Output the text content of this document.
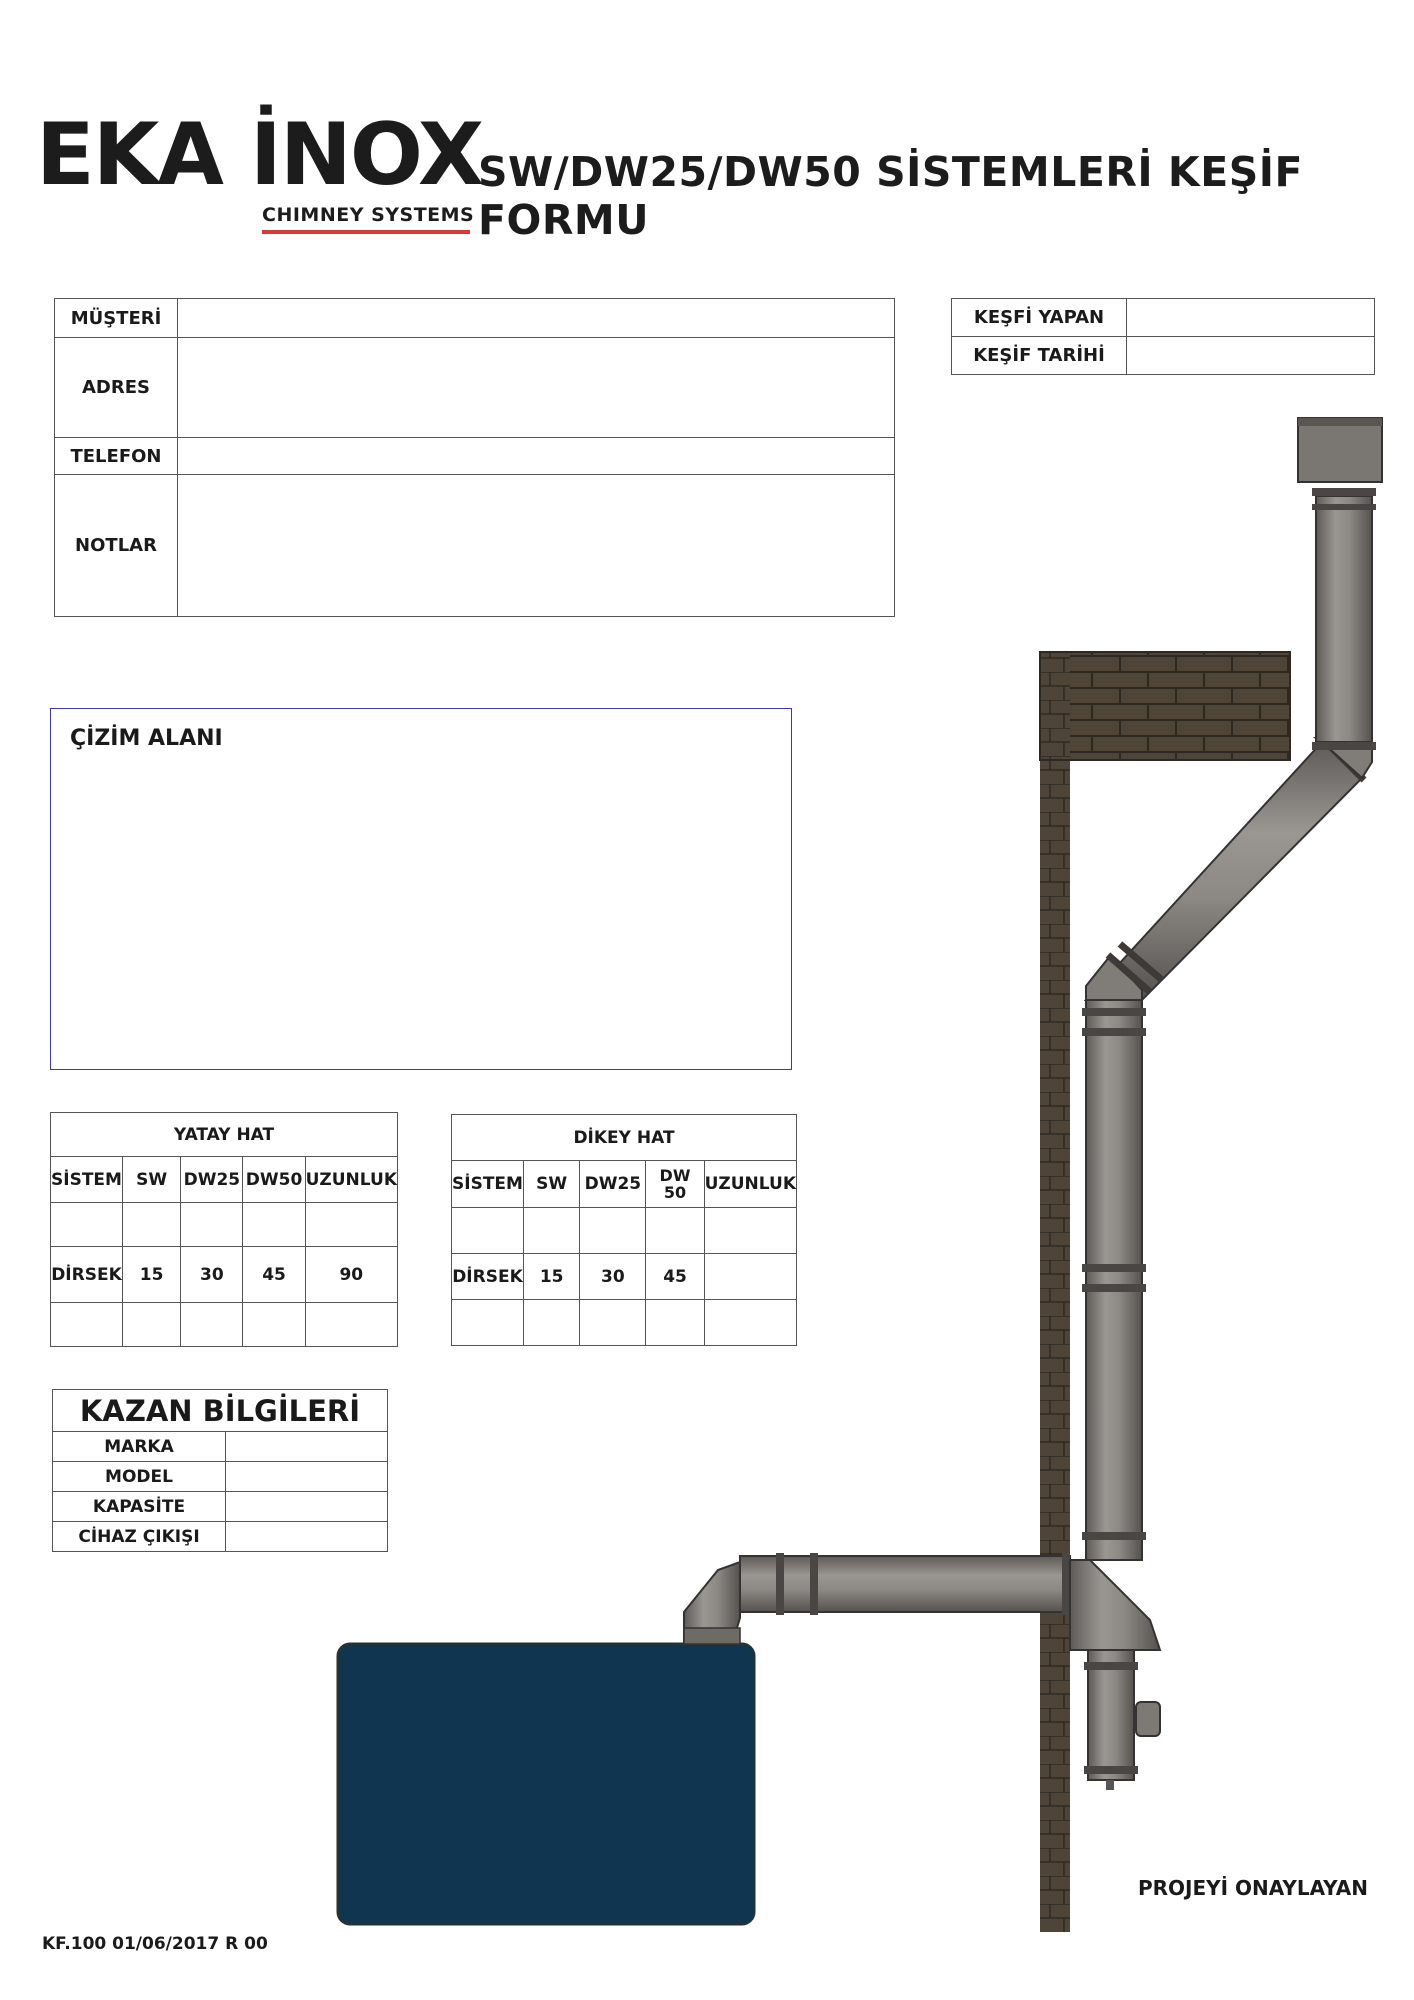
EKA İNOX
CHIMNEY SYSTEMS
SW/DW25/DW50 SİSTEMLERİ KEŞİF FORMU
MÜŞTERİ	
ADRES	
TELEFON	
NOTLAR	
KEŞFİ YAPAN	
KEŞİF TARİHİ	
ÇİZİM ALANI
YATAY HAT				
SİSTEM	SW	DW25	DW50	UZUNLUK

DİRSEK	15	30	45	90

DİKEY HAT				
SİSTEM	SW	DW25	DW 50	UZUNLUK

DİRSEK	15	30	45	

KAZAN BİLGİLERİ	
MARKA	
MODEL	
KAPASİTE	
CİHAZ ÇIKIŞI	
PROJEYİ ONAYLAYAN
KF.100 01/06/2017 R 00
